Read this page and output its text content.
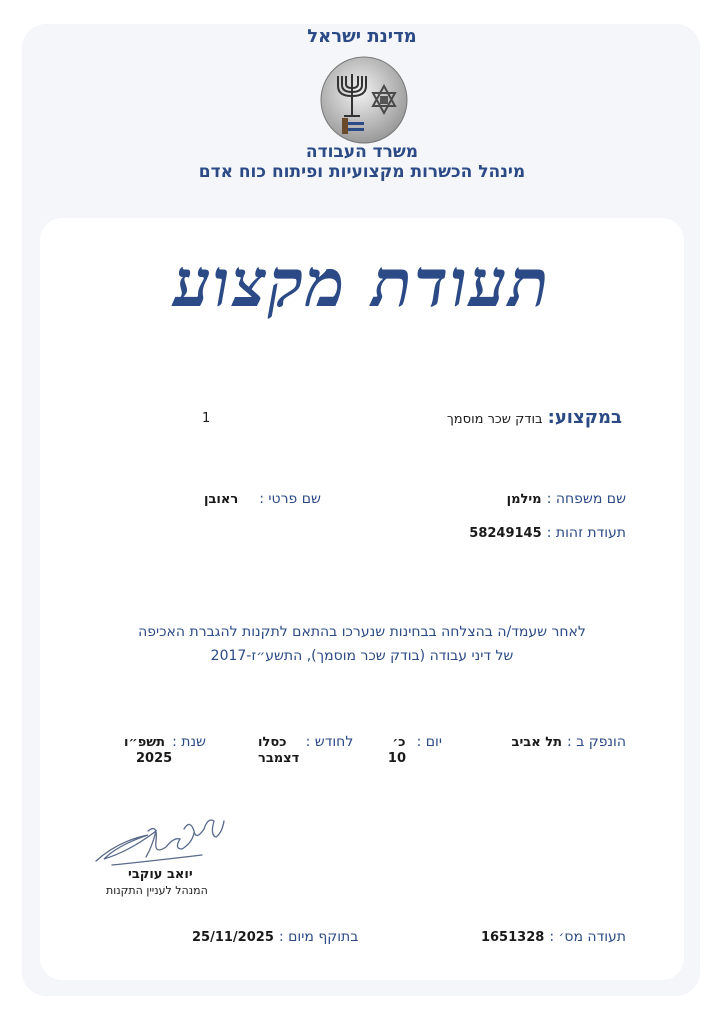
מדינת ישראל
משרד העבודה
מינהל הכשרות מקצועיות ופיתוח כוח אדם
תעודת מקצוע
במקצוע: בודק שכר מוסמך
1
שם משפחה : מילמן
שם פרטי : ראובן
תעודת זהות : 58249145
לאחר שעמד/ה בהצלחה בבחינות שנערכו בהתאם לתקנות להגברת האכיפה
של דיני עבודה (בודק שכר מוסמך), התשע״ז-2017
הונפק ב : תל אביב
יום : כ׳
10
לחודש : כסלו
דצמבר
שנת : תשפ״ו
2025
יואב עוקבי
המנהל לעניין התקנות
תעודה מס׳ : 1651328
בתוקף מיום : 25/11/2025
